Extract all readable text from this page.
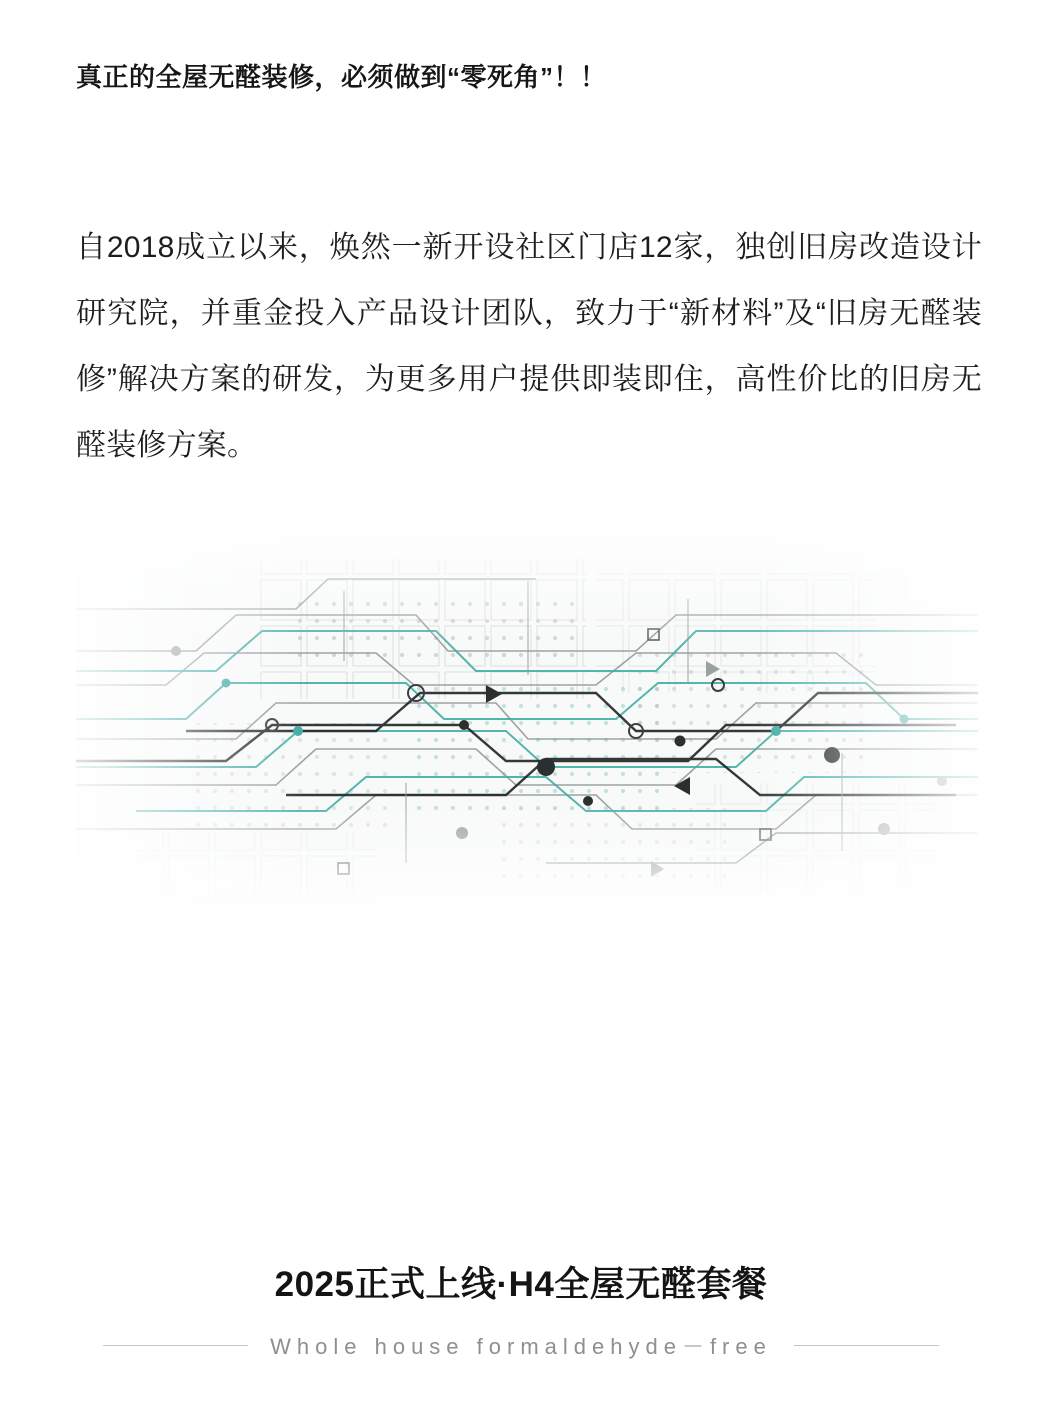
真正的全屋无醛装修，必须做到“零死角”！！

自2018成立以来，焕然一新开设社区门店12家，独创旧房改造设计研究院，并重金投入产品设计团队，致力于“新材料”及“旧房无醛装修”解决方案的研发，为更多用户提供即装即住，高性价比的旧房无醛装修方案。

2025正式上线·H4全屋无醛套餐
Whole house formaldehyde－free
